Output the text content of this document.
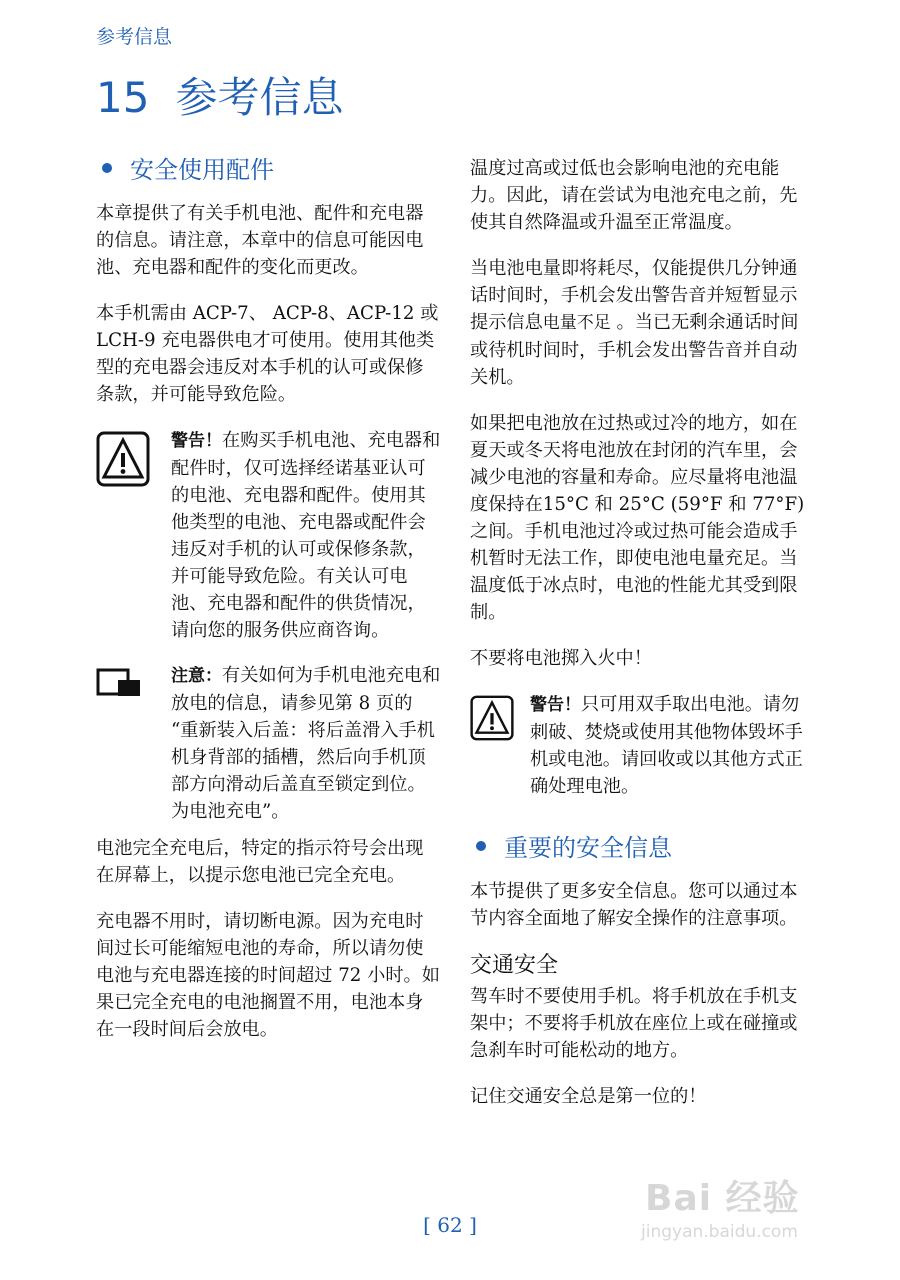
参考信息
15 参考信息
安全使用配件

本章提供了有关手机电池、配件和充电器的信息。请注意，本章中的信息可能因电池、充电器和配件的变化而更改。

本手机需由 ACP-7、 ACP-8、ACP-12 或 LCH-9 充电器供电才可使用。使用其他类型的充电器会违反对本手机的认可或保修条款，并可能导致危险。

警告！在购买手机电池、充电器和配件时，仅可选择经诺基亚认可的电池、充电器和配件。使用其他类型的电池、充电器或配件会违反对手机的认可或保修条款，并可能导致危险。有关认可电池、充电器和配件的供货情况，请向您的服务供应商咨询。
注意：有关如何为手机电池充电和放电的信息，请参见第 8 页的 “重新装入后盖：将后盖滑入手机机身背部的插槽，然后向手机顶部方向滑动后盖直至锁定到位。为电池充电”。

电池完全充电后，特定的指示符号会出现在屏幕上，以提示您电池已完全充电。

充电器不用时，请切断电源。因为充电时间过长可能缩短电池的寿命，所以请勿使电池与充电器连接的时间超过 72 小时。如果已完全充电的电池搁置不用，电池本身在一段时间后会放电。

温度过高或过低也会影响电池的充电能力。因此，请在尝试为电池充电之前，先使其自然降温或升温至正常温度。

当电池电量即将耗尽，仅能提供几分钟通话时间时，手机会发出警告音并短暂显示提示信息电量不足 。当已无剩余通话时间或待机时间时，手机会发出警告音并自动关机。

如果把电池放在过热或过冷的地方，如在夏天或冬天将电池放在封闭的汽车里，会减少电池的容量和寿命。应尽量将电池温度保持在15°C 和 25°C (59°F 和 77°F)之间。手机电池过冷或过热可能会造成手机暂时无法工作，即使电池电量充足。当温度低于冰点时，电池的性能尤其受到限制。

不要将电池掷入火中！

警告！只可用双手取出电池。请勿刺破、焚烧或使用其他物体毁坏手机或电池。请回收或以其他方式正确处理电池。
重要的安全信息

本节提供了更多安全信息。您可以通过本节内容全面地了解安全操作的注意事项。

交通安全

驾车时不要使用手机。将手机放在手机支架中；不要将手机放在座位上或在碰撞或急刹车时可能松动的地方。

记住交通安全总是第一位的！

[ 62 ]
Bai 经验
jingyan.baidu.com
